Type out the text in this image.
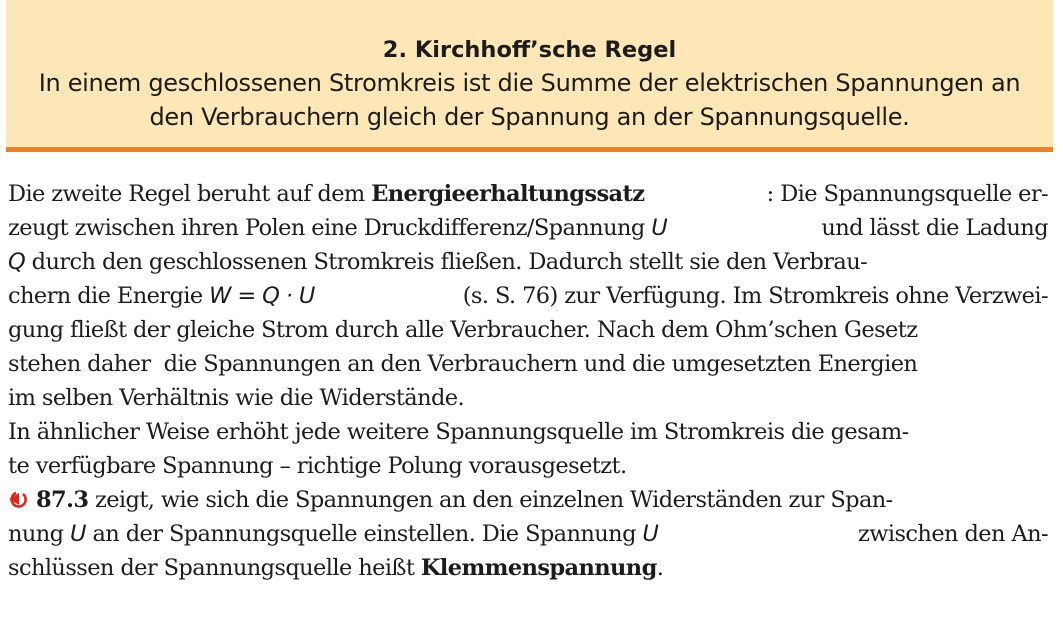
2. Kirchhoff’sche Regel
In einem geschlossenen Stromkreis ist die Summe der elektrischen Spannungen an
den Verbrauchern gleich der Spannung an der Spannungsquelle.
Die zweite Regel beruht auf dem Energieerhaltungssatz	: Die Spannungsquelle er-
zeugt zwischen ihren Polen eine Druckdifferenz/Spannung U	und lässt die Ladung
Q durch den geschlossenen Stromkreis fließen. Dadurch stellt sie den Verbrau-
chern die Energie W = Q · U	(s. S. 76) zur Verfügung. Im Stromkreis ohne Verzwei-
gung fließt der gleiche Strom durch alle Verbraucher. Nach dem Ohm’schen Gesetz
stehen daher  die Spannungen an den Verbrauchern und die umgesetzten Energien
im selben Verhältnis wie die Widerstände.
In ähnlicher Weise erhöht jede weitere Spannungsquelle im Stromkreis die gesam-
te verfügbare Spannung – richtige Polung vorausgesetzt.
87.3 zeigt, wie sich die Spannungen an den einzelnen Widerständen zur Span-
nung U an der Spannungsquelle einstellen. Die Spannung U	zwischen den An-
schlüssen der Spannungsquelle heißt Klemmenspannung.
